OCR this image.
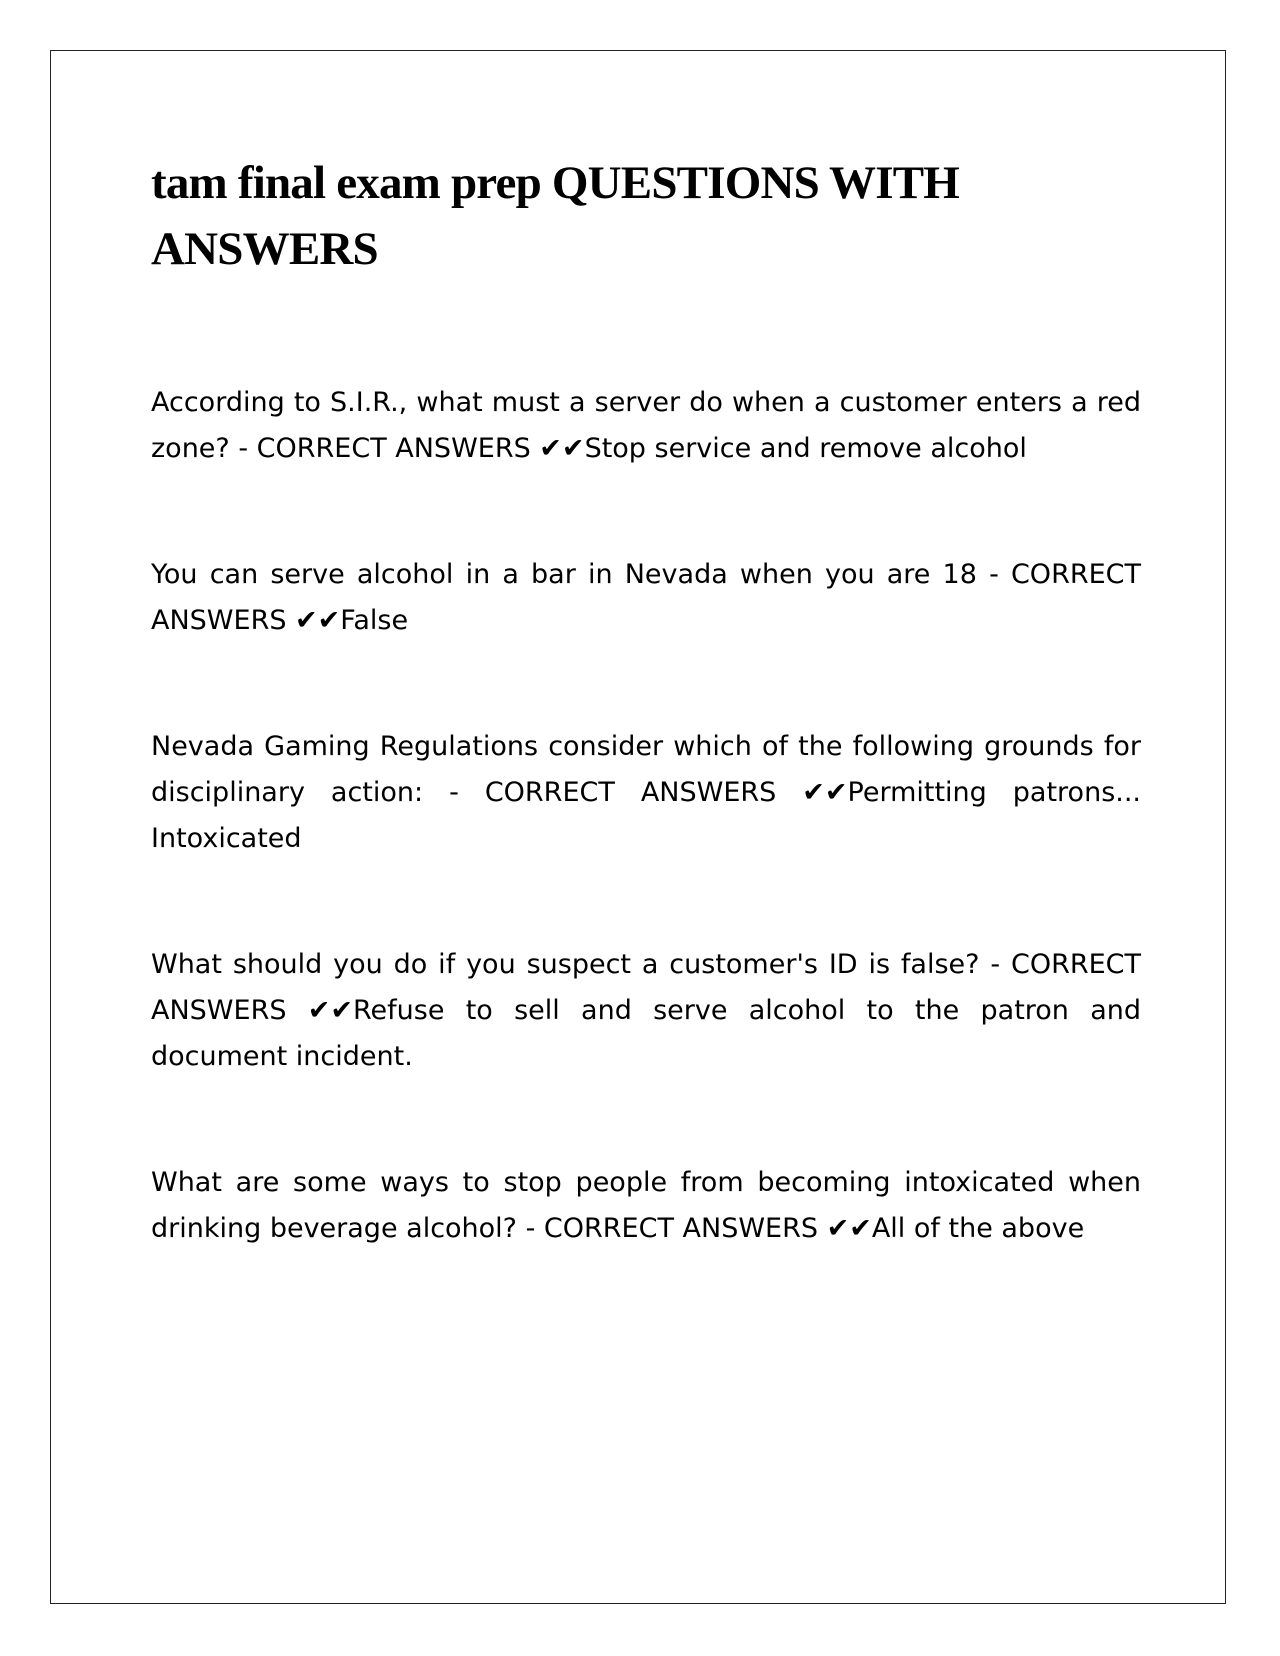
tam final exam prep QUESTIONS WITH ANSWERS

According to S.I.R., what must a server do when a customer enters a red zone? - CORRECT ANSWERS ✔✔Stop service and remove alcohol

You can serve alcohol in a bar in Nevada when you are 18 - CORRECT ANSWERS ✔✔False

Nevada Gaming Regulations consider which of the following grounds for disciplinary action: - CORRECT ANSWERS ✔✔Permitting patrons... Intoxicated

What should you do if you suspect a customer's ID is false? - CORRECT ANSWERS ✔✔Refuse to sell and serve alcohol to the patron and document incident.

What are some ways to stop people from becoming intoxicated when drinking beverage alcohol? - CORRECT ANSWERS ✔✔All of the above
